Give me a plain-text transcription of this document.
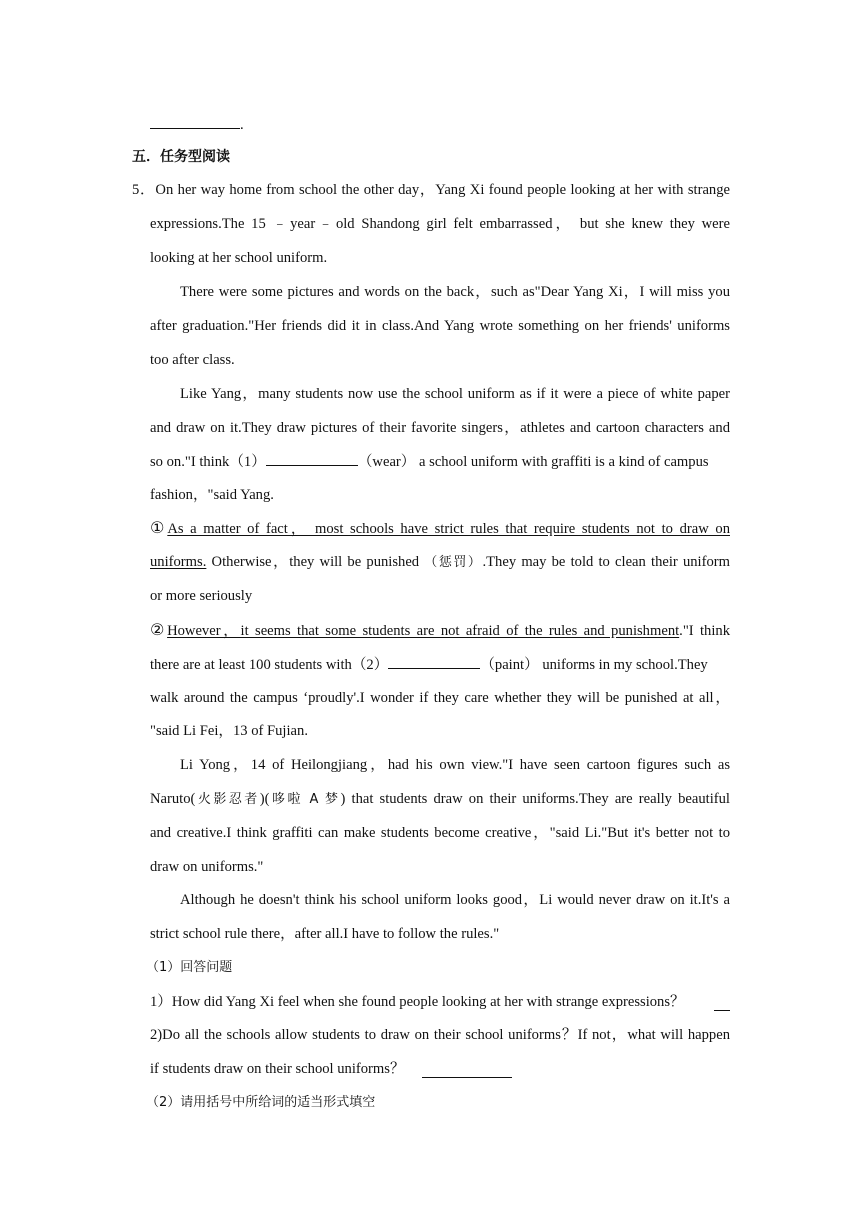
.
五．任务型阅读
5．On her way home from school the other day，Yang Xi found people looking at her with strange
expressions.The 15 ﹣year﹣old Shandong girl felt embarrassed， but she knew they were
looking at her school uniform.
There were some pictures and words on the back，such as"Dear Yang Xi，I will miss you
after graduation."Her friends did it in class.And Yang wrote something on her friends' uniforms
too after class.
Like Yang，many students now use the school uniform as if it were a piece of white paper
and draw on it.They draw pictures of their favorite singers，athletes and cartoon characters and
so on."I think（1）	（wear） a school uniform with graffiti is a kind of campus
fashion，"said Yang.
①As a matter of fact， most schools have strict rules that require students not to draw on
uniforms. Otherwise，they will be punished （惩罚）.They may be told to clean their uniform
or more seriously
②However，it seems that some students are not afraid of the rules and punishment."I think
there are at least 100 students with（2）	（paint） uniforms in my school.They
walk around the campus ‘proudly'.I wonder if they care whether they will be punished at all，
"said Li Fei，13 of Fujian.
Li Yong，14 of Heilongjiang，had his own view."I have seen cartoon figures such as
Naruto(火影忍者)(哆啦 A 梦) that students draw on their uniforms.They are really beautiful
and creative.I think graffiti can make students become creative，"said Li."But it's better not to
draw on uniforms."
Although he doesn't think his school uniform looks good，Li would never draw on it.It's a
strict school rule there，after all.I have to follow the rules."
（1）回答问题
1）How did Yang Xi feel when she found people looking at her with strange expressions？
2)Do all the schools allow students to draw on their school uniforms？If not，what will happen
if students draw on their school uniforms？
（2）请用括号中所给词的适当形式填空
